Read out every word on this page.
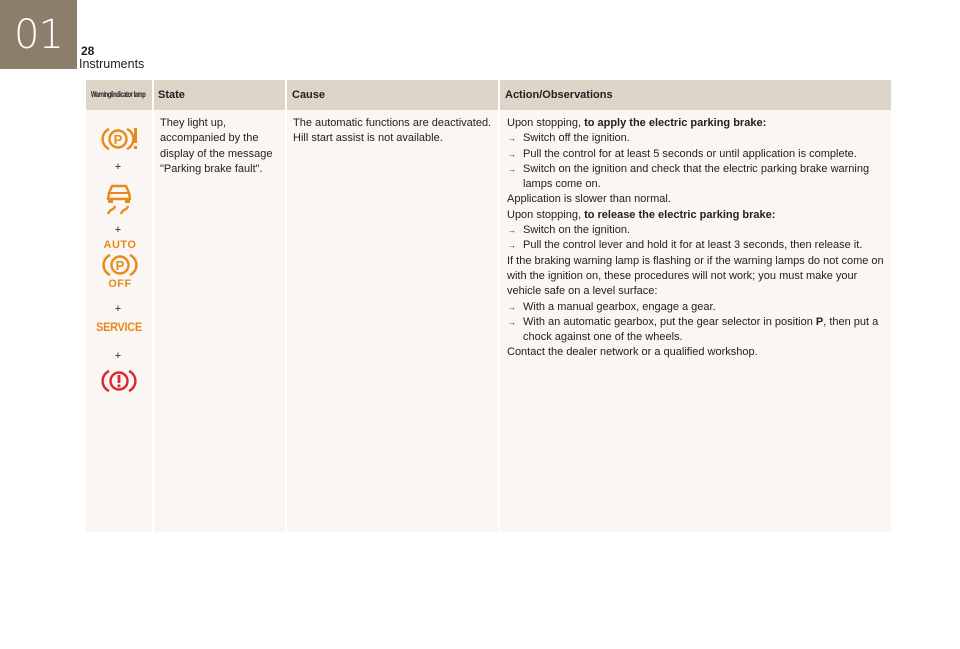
01 28
Instruments
Warning/indicator lamp State	Cause	Action/Observations
P
+
+
AUTO
P
OFF
+
SERVICE
+
They light up, accompanied by the display of the message "Parking brake fault".
The automatic functions are deactivated.
Hill start assist is not available.

Upon stopping, to apply the electric parking brake:

→ Switch off the ignition.

→ Pull the control for at least 5 seconds or until application is complete.

→ Switch on the ignition and check that the electric parking brake warning lamps come on.

Application is slower than normal.

Upon stopping, to release the electric parking brake:

→ Switch on the ignition.

→ Pull the control lever and hold it for at least 3 seconds, then release it.

If the braking warning lamp is flashing or if the warning lamps do not come on with the ignition on, these procedures will not work; you must make your vehicle safe on a level surface:

→ With a manual gearbox, engage a gear.

→ With an automatic gearbox, put the gear selector in position P, then put a chock against one of the wheels.

Contact the dealer network or a qualified workshop.
